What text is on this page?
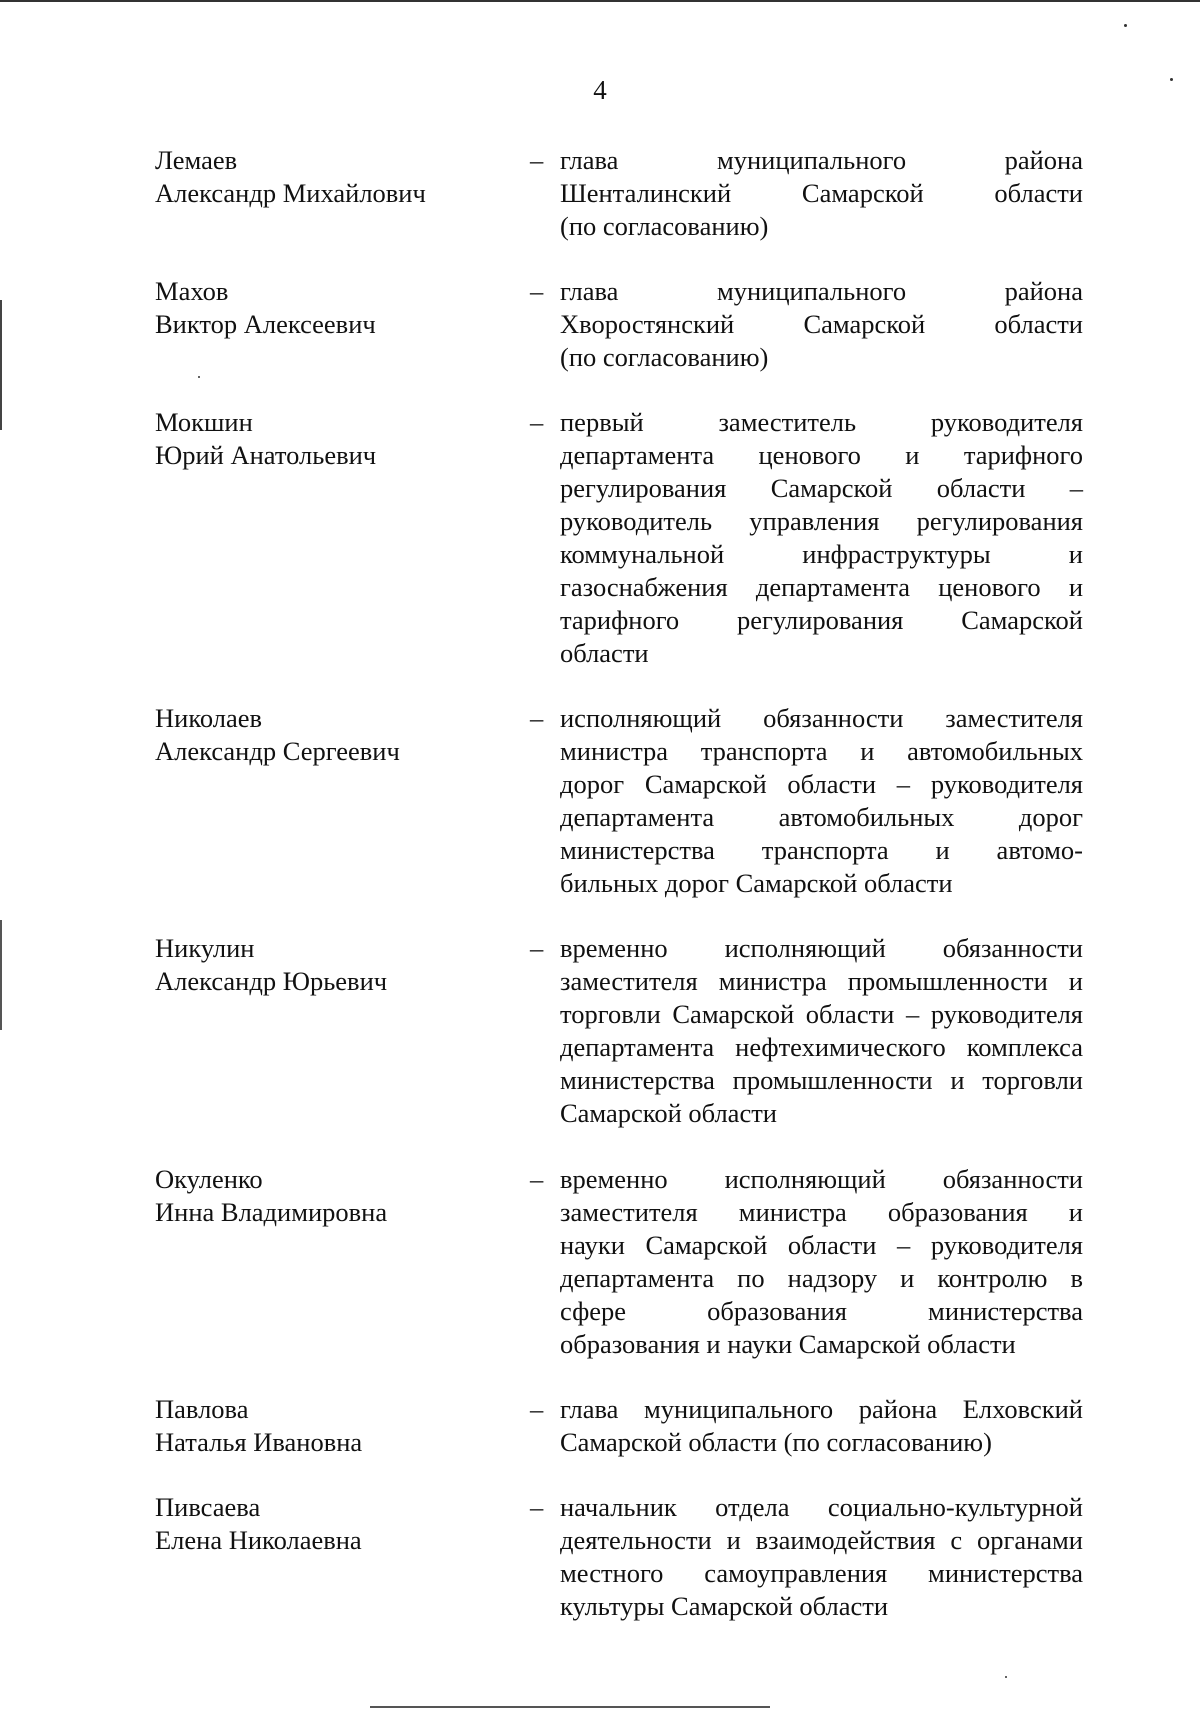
4
Лемаев
Александр Михайлович
– глава муниципального района
Шенталинский Самарской области
(по согласованию)
Махов
Виктор Алексеевич
– глава муниципального района
Хворостянский Самарской области
(по согласованию)
Мокшин
Юрий Анатольевич
– первый заместитель руководителя
департамента ценового и тарифного
регулирования Самарской области –
руководитель управления регулирования
коммунальной инфраструктуры и
газоснабжения департамента ценового и
тарифного регулирования Самарской
области
Николаев
Александр Сергеевич
– исполняющий обязанности заместителя
министра транспорта и автомобильных
дорог Самарской области – руководителя
департамента автомобильных дорог
министерства транспорта и автомо-
бильных дорог Самарской области
Никулин
Александр Юрьевич
– временно исполняющий обязанности
заместителя министра промышленности и
торговли Самарской области – руководителя
департамента нефтехимического комплекса
министерства промышленности и торговли
Самарской области
Окуленко
Инна Владимировна
– временно исполняющий обязанности
заместителя министра образования и
науки Самарской области – руководителя
департамента по надзору и контролю в
сфере образования министерства
образования и науки Самарской области
Павлова
Наталья Ивановна
– глава муниципального района Елховский
Самарской области (по согласованию)
Пивсаева
Елена Николаевна
– начальник отдела социально-культурной
деятельности и взаимодействия с органами
местного самоуправления министерства
культуры Самарской области
